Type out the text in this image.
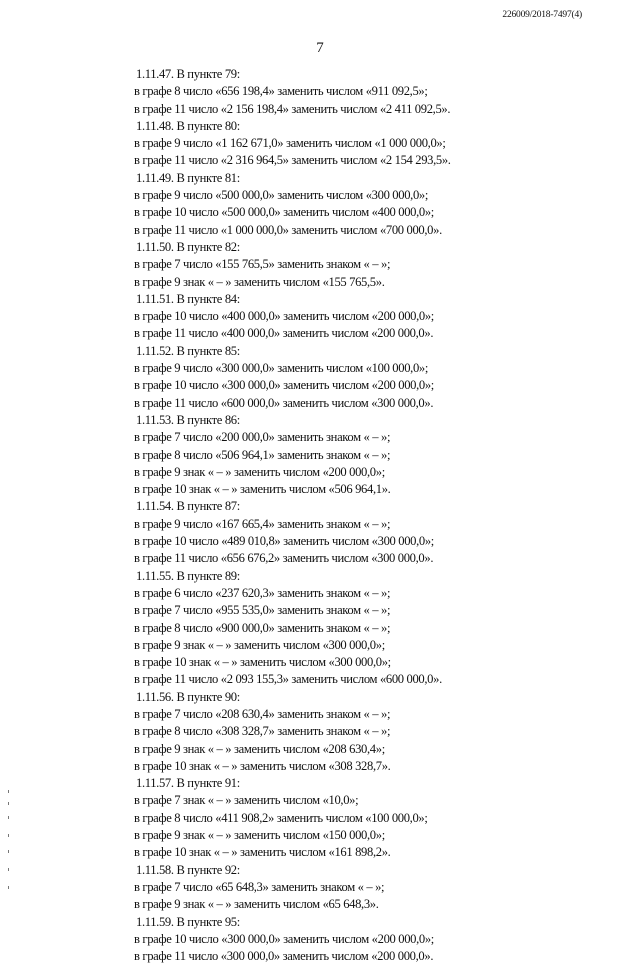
226009/2018-7497(4)
7
1.11.47. В пункте 79:
в графе 8 число «656 198,4» заменить числом «911 092,5»;
в графе 11 число «2 156 198,4» заменить числом «2 411 092,5».
1.11.48. В пункте 80:
в графе 9 число «1 162 671,0» заменить числом «1 000 000,0»;
в графе 11 число «2 316 964,5» заменить числом «2 154 293,5».
1.11.49. В пункте 81:
в графе 9 число «500 000,0» заменить числом «300 000,0»;
в графе 10 число «500 000,0» заменить числом «400 000,0»;
в графе 11 число «1 000 000,0» заменить числом «700 000,0».
1.11.50. В пункте 82:
в графе 7 число «155 765,5» заменить знаком « – »;
в графе 9 знак « – » заменить числом «155 765,5».
1.11.51. В пункте 84:
в графе 10 число «400 000,0» заменить числом «200 000,0»;
в графе 11 число «400 000,0» заменить числом «200 000,0».
1.11.52. В пункте 85:
в графе 9 число «300 000,0» заменить числом «100 000,0»;
в графе 10 число «300 000,0» заменить числом «200 000,0»;
в графе 11 число «600 000,0» заменить числом «300 000,0».
1.11.53. В пункте 86:
в графе 7 число «200 000,0» заменить знаком « – »;
в графе 8 число «506 964,1» заменить знаком « – »;
в графе 9 знак « – » заменить числом «200 000,0»;
в графе 10 знак « – » заменить числом «506 964,1».
1.11.54. В пункте 87:
в графе 9 число «167 665,4» заменить знаком « – »;
в графе 10 число «489 010,8» заменить числом «300 000,0»;
в графе 11 число «656 676,2» заменить числом «300 000,0».
1.11.55. В пункте 89:
в графе 6 число «237 620,3» заменить знаком « – »;
в графе 7 число «955 535,0» заменить знаком « – »;
в графе 8 число «900 000,0» заменить знаком « – »;
в графе 9 знак « – » заменить числом «300 000,0»;
в графе 10 знак « – » заменить числом «300 000,0»;
в графе 11 число «2 093 155,3» заменить числом «600 000,0».
1.11.56. В пункте 90:
в графе 7 число «208 630,4» заменить знаком « – »;
в графе 8 число «308 328,7» заменить знаком « – »;
в графе 9 знак « – » заменить числом «208 630,4»;
в графе 10 знак « – » заменить числом «308 328,7».
1.11.57. В пункте 91:
в графе 7 знак « – » заменить числом «10,0»;
в графе 8 число «411 908,2» заменить числом «100 000,0»;
в графе 9 знак « – » заменить числом «150 000,0»;
в графе 10 знак « – » заменить числом «161 898,2».
1.11.58. В пункте 92:
в графе 7 число «65 648,3» заменить знаком « – »;
в графе 9 знак « – » заменить числом «65 648,3».
1.11.59. В пункте 95:
в графе 10 число «300 000,0» заменить числом «200 000,0»;
в графе 11 число «300 000,0» заменить числом «200 000,0».
